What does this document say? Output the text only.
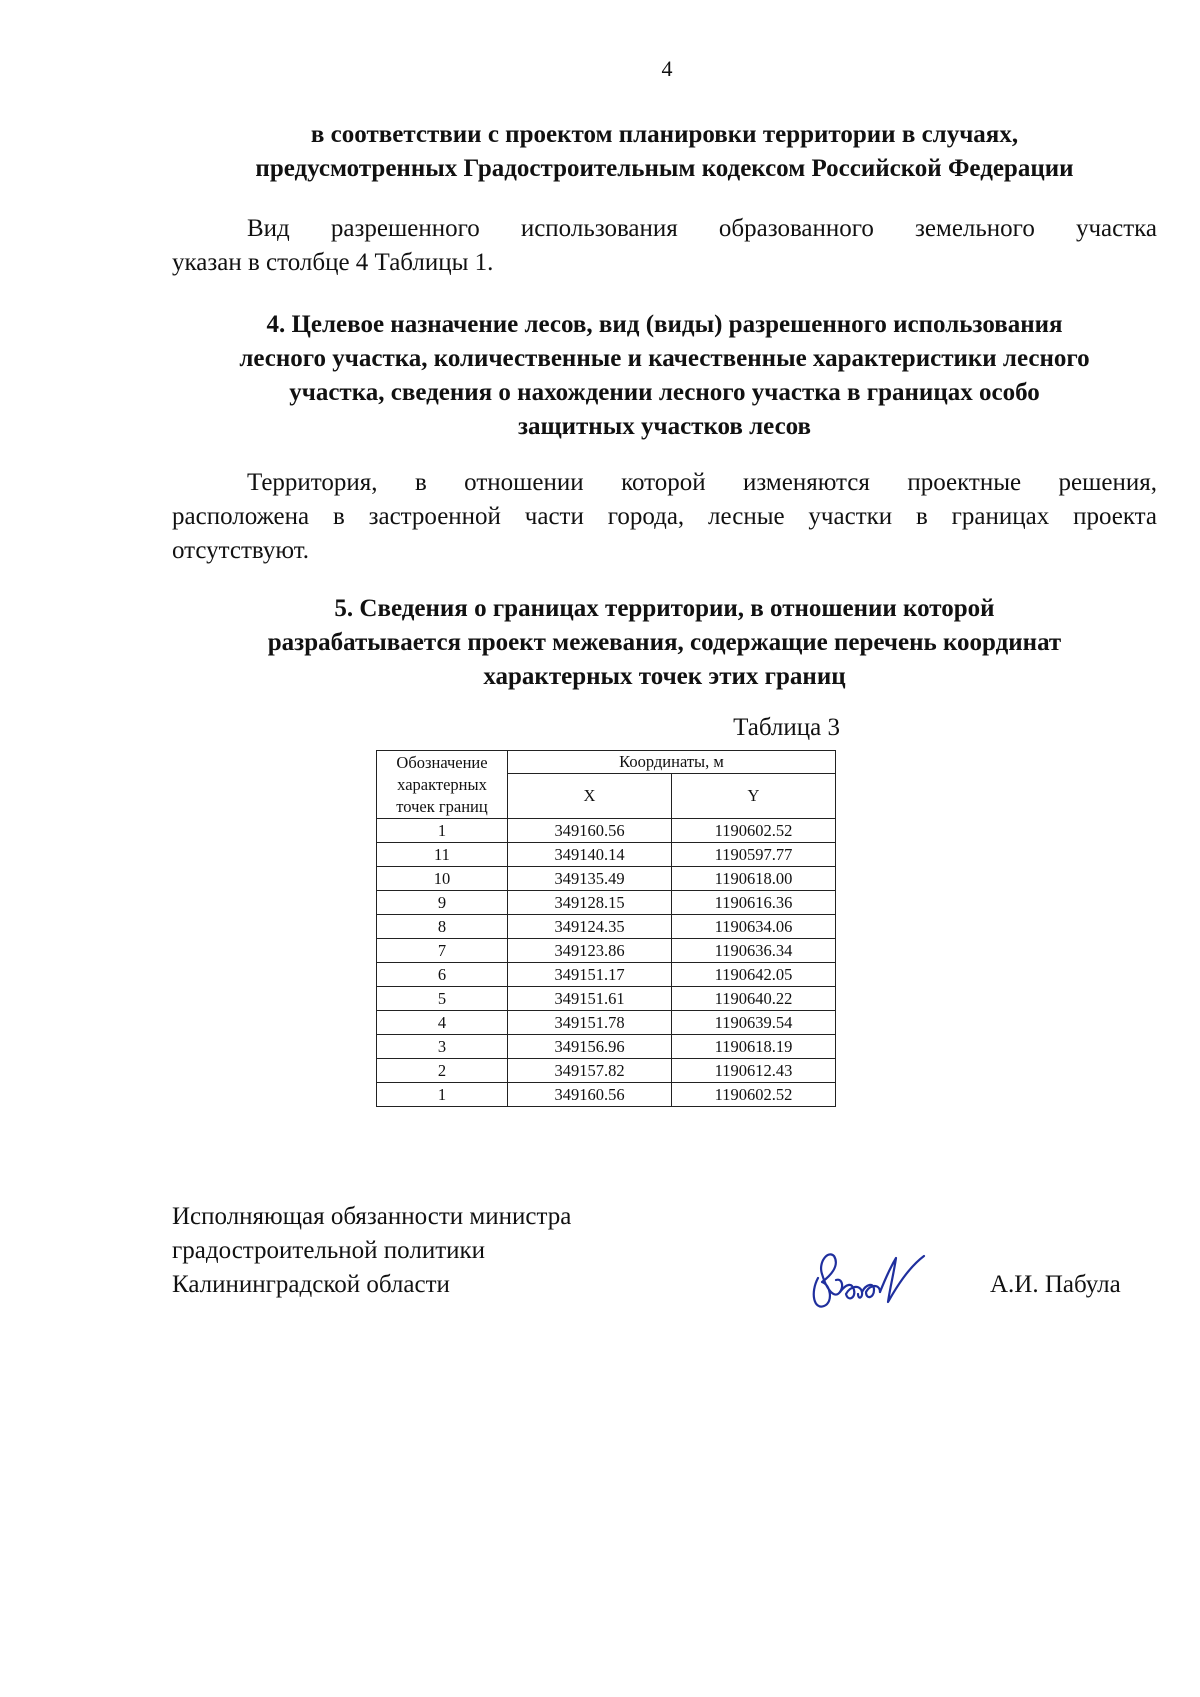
4
в соответствии с проектом планировки территории в случаях,
предусмотренных Градостроительным кодексом Российской Федерации

Вид разрешенного использования образованного земельного участка
указан в столбце 4 Таблицы 1.

4. Целевое назначение лесов, вид (виды) разрешенного использования
лесного участка, количественные и качественные характеристики лесного
участка, сведения о нахождении лесного участка в границах особо
защитных участков лесов

Территория, в отношении которой изменяются проектные решения,
расположена в застроенной части города, лесные участки в границах проекта
отсутствуют.

5. Сведения о границах территории, в отношении которой
разрабатывается проект межевания, содержащие перечень координат
характерных точек этих границ
Таблица 3
Обозначение
характерных
точек границ	Координаты, м	
	X	Y
1	349160.56	1190602.52
11	349140.14	1190597.77
10	349135.49	1190618.00
9	349128.15	1190616.36
8	349124.35	1190634.06
7	349123.86	1190636.34
6	349151.17	1190642.05
5	349151.61	1190640.22
4	349151.78	1190639.54
3	349156.96	1190618.19
2	349157.82	1190612.43
1	349160.56	1190602.52
Исполняющая обязанности министра
градостроительной политики
Калининградской области	А.И. Пабула
